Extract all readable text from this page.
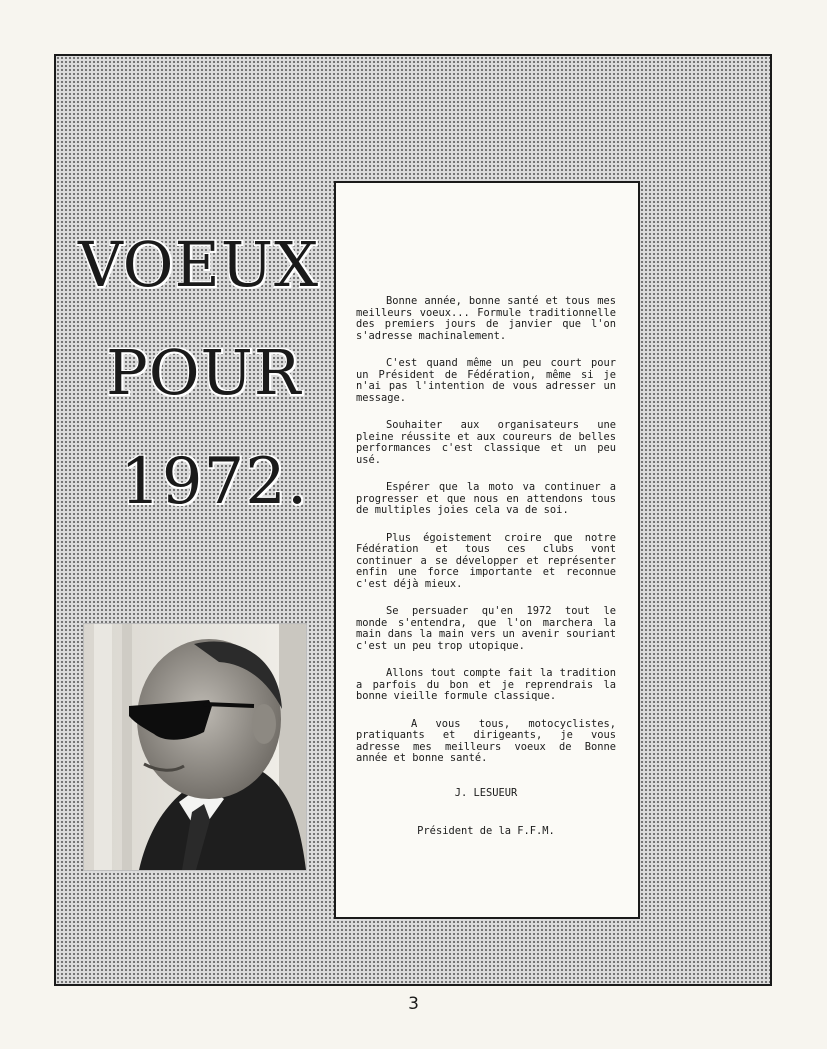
VOEUX
POUR
1972.

Bonne année, bonne santé et tous mes meilleurs voeux... Formule traditionnelle des premiers jours de janvier que l'on s'adresse machinalement.

C'est quand même un peu court pour un Président de Fédération, même si je n'ai pas l'intention de vous adresser un message.

Souhaiter aux organisateurs une pleine réussite et aux coureurs de belles performances c'est classique et un peu usé.

Espérer que la moto va continuer a progresser et que nous en attendons tous de multiples joies cela va de soi.

Plus égoistement croire que notre Fédération et tous ces clubs vont continuer a se développer et représenter enfin une force importante et reconnue c'est déjà mieux.

Se persuader qu'en 1972 tout le monde s'entendra, que l'on marchera la main dans la main vers un avenir souriant c'est un peu trop utopique.

Allons tout compte fait la tradition a parfois du bon et je reprendrais la bonne vieille formule classique.

A vous tous, motocyclistes, pratiquants et dirigeants, je vous adresse mes meilleurs voeux de Bonne année et bonne santé.

J. LESUEUR

Président de la F.F.M.

3
